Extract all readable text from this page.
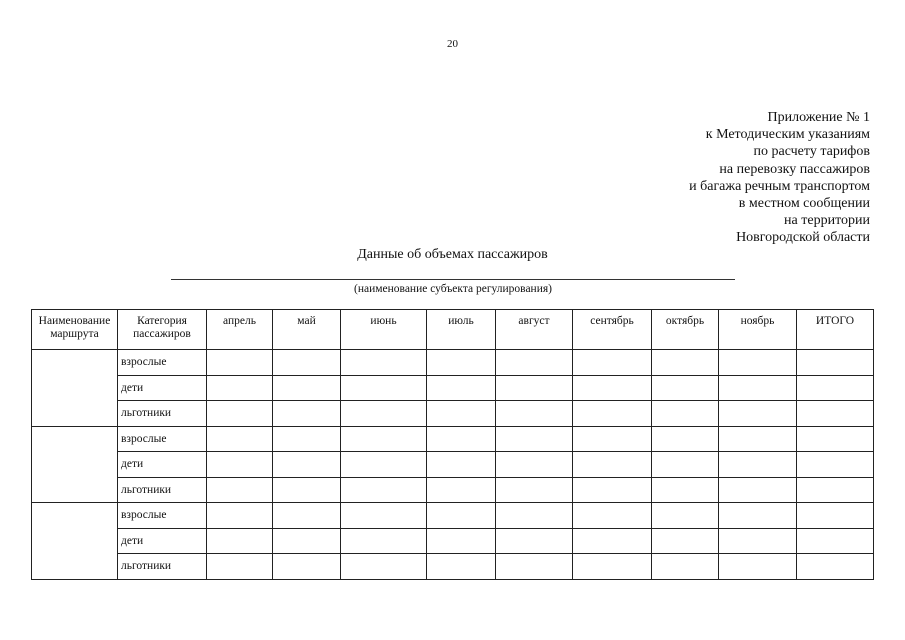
20
Приложение № 1
к Методическим указаниям
по расчету тарифов
на перевозку пассажиров
и багажа речным транспортом
в местном сообщении
на территории
Новгородской области
Данные об объемах пассажиров
(наименование субъекта регулирования)
Наименование маршрута	Категория пассажиров	апрель	май	июнь	июль	август	сентябрь	октябрь	ноябрь	ИТОГО
	взрослые									
	дети									
	льготники									
	взрослые									
	дети									
	льготники									
	взрослые									
	дети									
	льготники									
